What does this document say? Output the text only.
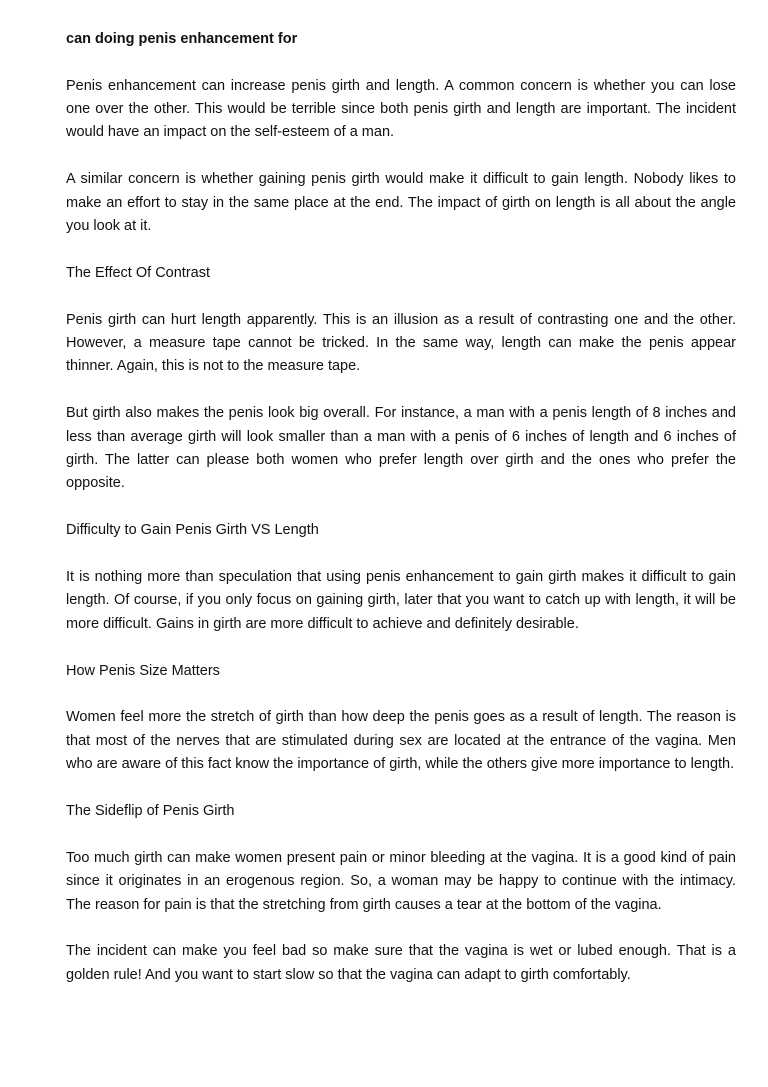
can doing penis enhancement for

Penis enhancement can increase penis girth and length. A common concern is whether you can lose one over the other. This would be terrible since both penis girth and length are important. The incident would have an impact on the self-esteem of a man.

A similar concern is whether gaining penis girth would make it difficult to gain length. Nobody likes to make an effort to stay in the same place at the end. The impact of girth on length is all about the angle you look at it.

The Effect Of Contrast

Penis girth can hurt length apparently. This is an illusion as a result of contrasting one and the other. However, a measure tape cannot be tricked. In the same way, length can make the penis appear thinner. Again, this is not to the measure tape.

But girth also makes the penis look big overall. For instance, a man with a penis length of 8 inches and less than average girth will look smaller than a man with a penis of 6 inches of length and 6 inches of girth. The latter can please both women who prefer length over girth and the ones who prefer the opposite.

Difficulty to Gain Penis Girth VS Length

It is nothing more than speculation that using penis enhancement to gain girth makes it difficult to gain length. Of course, if you only focus on gaining girth, later that you want to catch up with length, it will be more difficult. Gains in girth are more difficult to achieve and definitely desirable.

How Penis Size Matters

Women feel more the stretch of girth than how deep the penis goes as a result of length. The reason is that most of the nerves that are stimulated during sex are located at the entrance of the vagina. Men who are aware of this fact know the importance of girth, while the others give more importance to length.

The Sideflip of Penis Girth

Too much girth can make women present pain or minor bleeding at the vagina. It is a good kind of pain since it originates in an erogenous region. So, a woman may be happy to continue with the intimacy. The reason for pain is that the stretching from girth causes a tear at the bottom of the vagina.

The incident can make you feel bad so make sure that the vagina is wet or lubed enough. That is a golden rule! And you want to start slow so that the vagina can adapt to girth comfortably.
